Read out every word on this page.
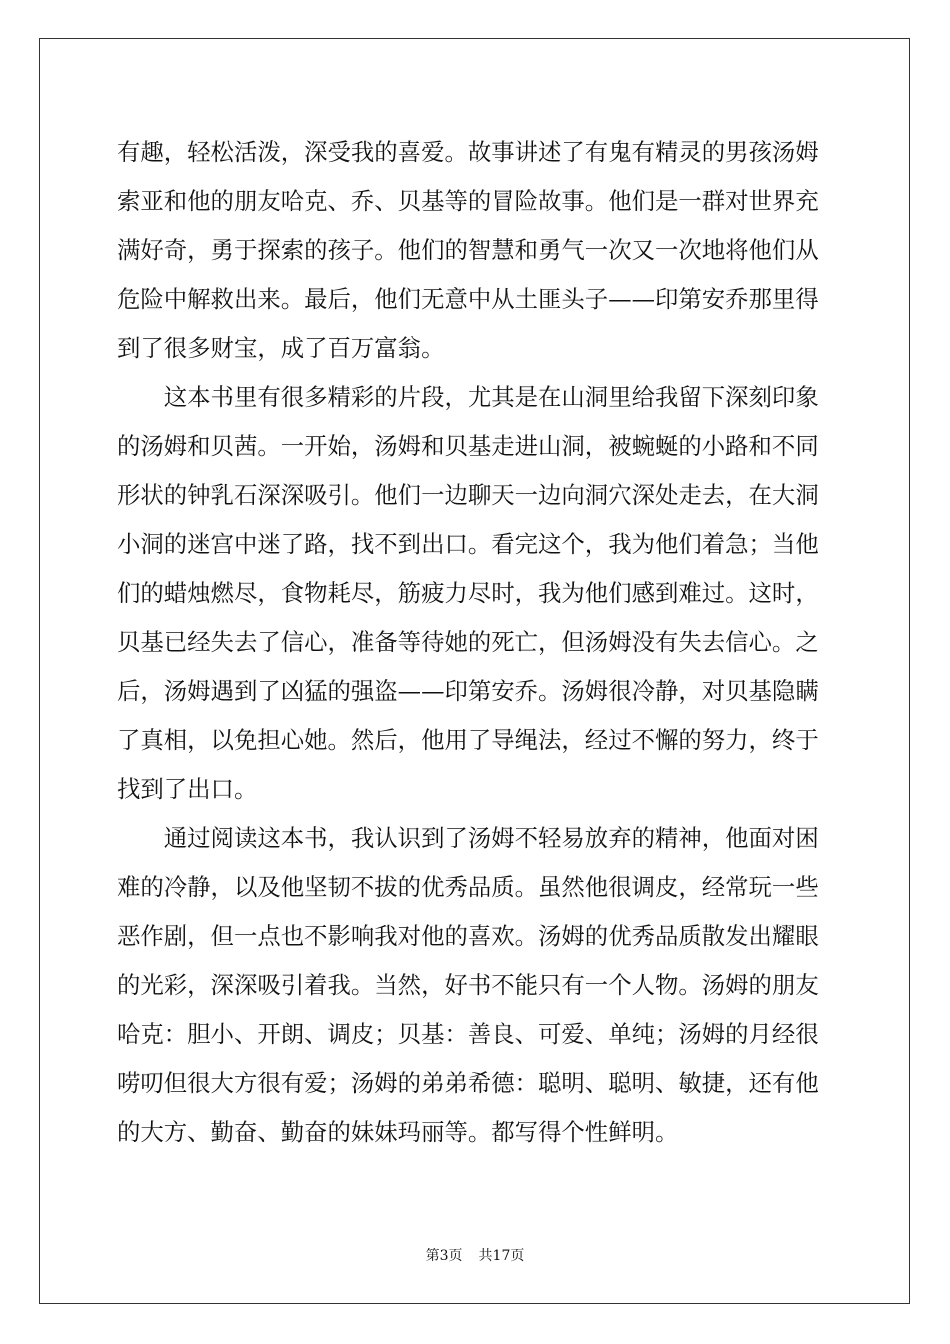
有趣，轻松活泼，深受我的喜爱。故事讲述了有鬼有精灵的男孩汤姆
索亚和他的朋友哈克、乔、贝基等的冒险故事。他们是一群对世界充
满好奇，勇于探索的孩子。他们的智慧和勇气一次又一次地将他们从
危险中解救出来。最后，他们无意中从土匪头子——印第安乔那里得
到了很多财宝，成了百万富翁。
　　这本书里有很多精彩的片段，尤其是在山洞里给我留下深刻印象
的汤姆和贝茜。一开始，汤姆和贝基走进山洞，被蜿蜒的小路和不同
形状的钟乳石深深吸引。他们一边聊天一边向洞穴深处走去，在大洞
小洞的迷宫中迷了路，找不到出口。看完这个，我为他们着急；当他
们的蜡烛燃尽，食物耗尽，筋疲力尽时，我为他们感到难过。这时，
贝基已经失去了信心，准备等待她的死亡，但汤姆没有失去信心。之
后，汤姆遇到了凶猛的强盗——印第安乔。汤姆很冷静，对贝基隐瞒
了真相，以免担心她。然后，他用了导绳法，经过不懈的努力，终于
找到了出口。
　　通过阅读这本书，我认识到了汤姆不轻易放弃的精神，他面对困
难的冷静，以及他坚韧不拔的优秀品质。虽然他很调皮，经常玩一些
恶作剧，但一点也不影响我对他的喜欢。汤姆的优秀品质散发出耀眼
的光彩，深深吸引着我。当然，好书不能只有一个人物。汤姆的朋友
哈克：胆小、开朗、调皮；贝基：善良、可爱、单纯；汤姆的月经很
唠叨但很大方很有爱；汤姆的弟弟希德：聪明、聪明、敏捷，还有他
的大方、勤奋、勤奋的妹妹玛丽等。都写得个性鲜明。
第3页 共17页
